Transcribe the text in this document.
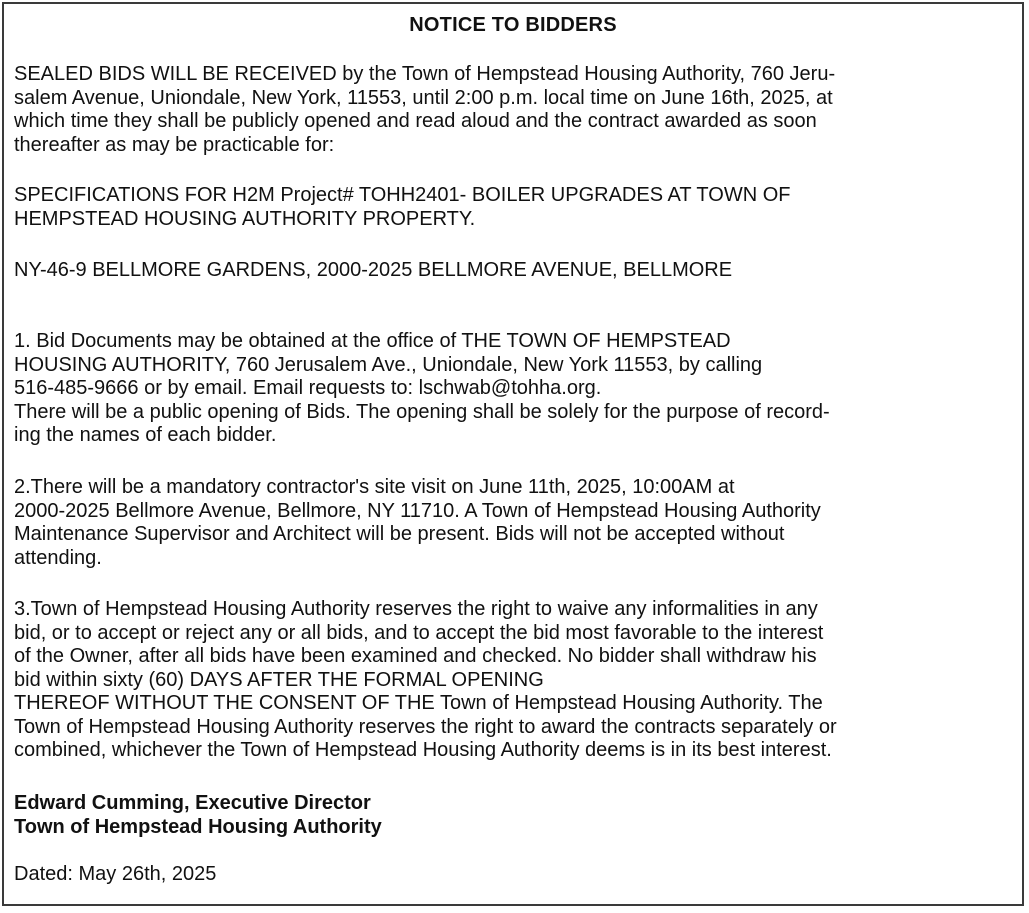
NOTICE TO BIDDERS

SEALED BIDS WILL BE RECEIVED by the Town of Hempstead Housing Authority, 760 Jeru-
salem Avenue, Uniondale, New York, 11553, until 2:00 p.m. local time on June 16th, 2025, at
which time they shall be publicly opened and read aloud and the contract awarded as soon
thereafter as may be practicable for:

SPECIFICATIONS FOR H2M Project# TOHH2401- BOILER UPGRADES AT TOWN OF
HEMPSTEAD HOUSING AUTHORITY PROPERTY.

NY-46-9 BELLMORE GARDENS, 2000-2025 BELLMORE AVENUE, BELLMORE

1. Bid Documents may be obtained at the office of THE TOWN OF HEMPSTEAD
HOUSING AUTHORITY, 760 Jerusalem Ave., Uniondale, New York 11553, by calling
516-485-9666 or by email. Email requests to: lschwab@tohha.org.
There will be a public opening of Bids. The opening shall be solely for the purpose of record-
ing the names of each bidder.

2.There will be a mandatory contractor's site visit on June 11th, 2025, 10:00AM at
2000-2025 Bellmore Avenue, Bellmore, NY 11710. A Town of Hempstead Housing Authority
Maintenance Supervisor and Architect will be present. Bids will not be accepted without
attending.

3.Town of Hempstead Housing Authority reserves the right to waive any informalities in any
bid, or to accept or reject any or all bids, and to accept the bid most favorable to the interest
of the Owner, after all bids have been examined and checked. No bidder shall withdraw his
bid within sixty (60) DAYS AFTER THE FORMAL OPENING
THEREOF WITHOUT THE CONSENT OF THE Town of Hempstead Housing Authority. The
Town of Hempstead Housing Authority reserves the right to award the contracts separately or
combined, whichever the Town of Hempstead Housing Authority deems is in its best interest.

Edward Cumming, Executive Director
Town of Hempstead Housing Authority
Dated: May 26th, 2025
